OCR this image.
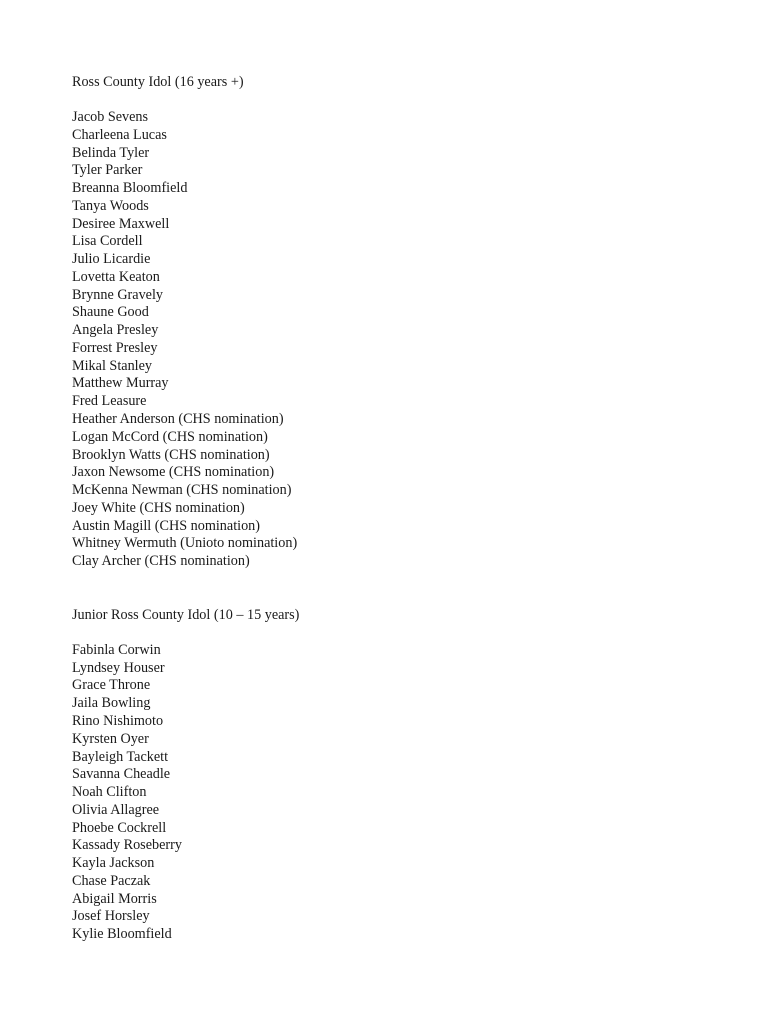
Ross County Idol (16 years +)
Jacob Sevens
Charleena Lucas
Belinda Tyler
Tyler Parker
Breanna Bloomfield
Tanya Woods
Desiree Maxwell
Lisa Cordell
Julio Licardie
Lovetta Keaton
Brynne Gravely
Shaune Good
Angela Presley
Forrest Presley
Mikal Stanley
Matthew Murray
Fred Leasure
Heather Anderson (CHS nomination)
Logan McCord (CHS nomination)
Brooklyn Watts (CHS nomination)
Jaxon Newsome (CHS nomination)
McKenna Newman (CHS nomination)
Joey White (CHS nomination)
Austin Magill (CHS nomination)
Whitney Wermuth (Unioto nomination)
Clay Archer (CHS nomination)
Junior Ross County Idol (10 – 15 years)
Fabinla Corwin
Lyndsey Houser
Grace Throne
Jaila Bowling
Rino Nishimoto
Kyrsten Oyer
Bayleigh Tackett
Savanna Cheadle
Noah Clifton
Olivia Allagree
Phoebe Cockrell
Kassady Roseberry
Kayla Jackson
Chase Paczak
Abigail Morris
Josef Horsley
Kylie Bloomfield
